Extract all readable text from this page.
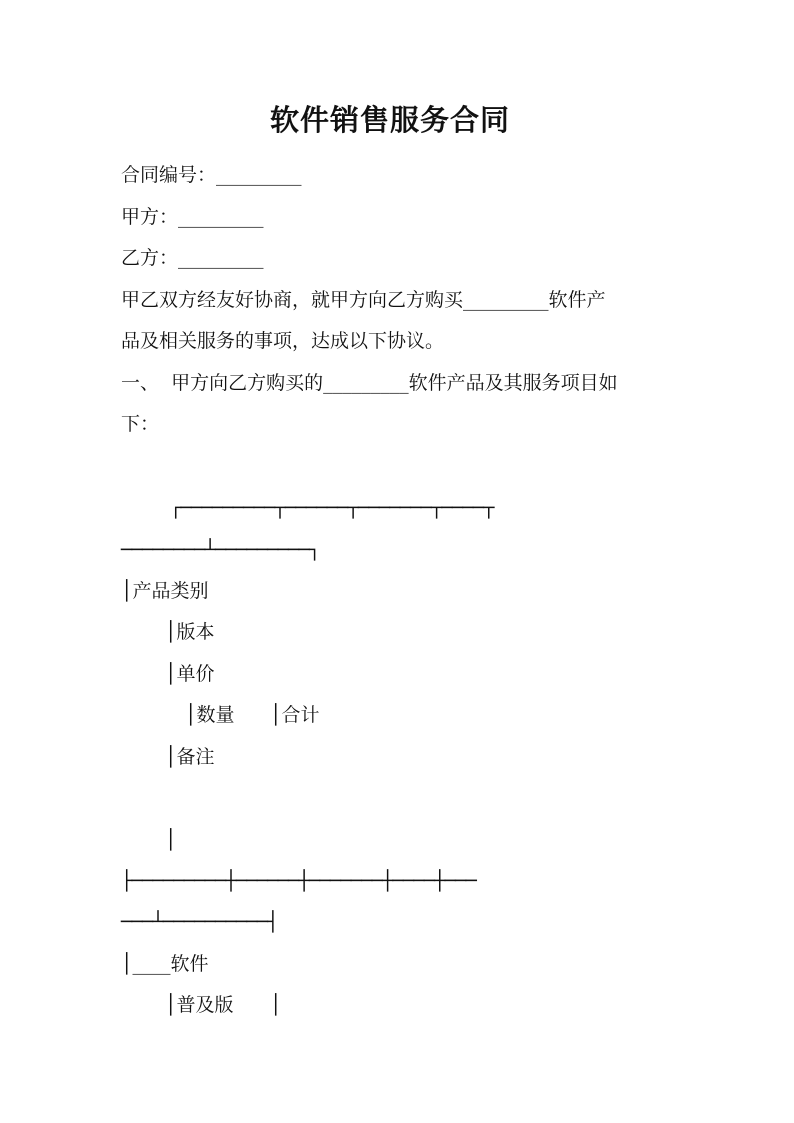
软件销售服务合同
合同编号：_________
甲方：_________
乙方：_________
甲乙双方经友好协商，就甲方向乙方购买_________软件产
品及相关服务的事项，达成以下协议。
一、  甲方向乙方购买的_________软件产品及其服务项目如
下：
┌─────────┬──────┬───────┬────┬
────────┴─────────┐
│产品类别
│版本
│单价
│数量 │合计
│备注
│
├─────────┼──────┼───────┼────┼───
───┴──────────┤
│____软件
│普及版 │
